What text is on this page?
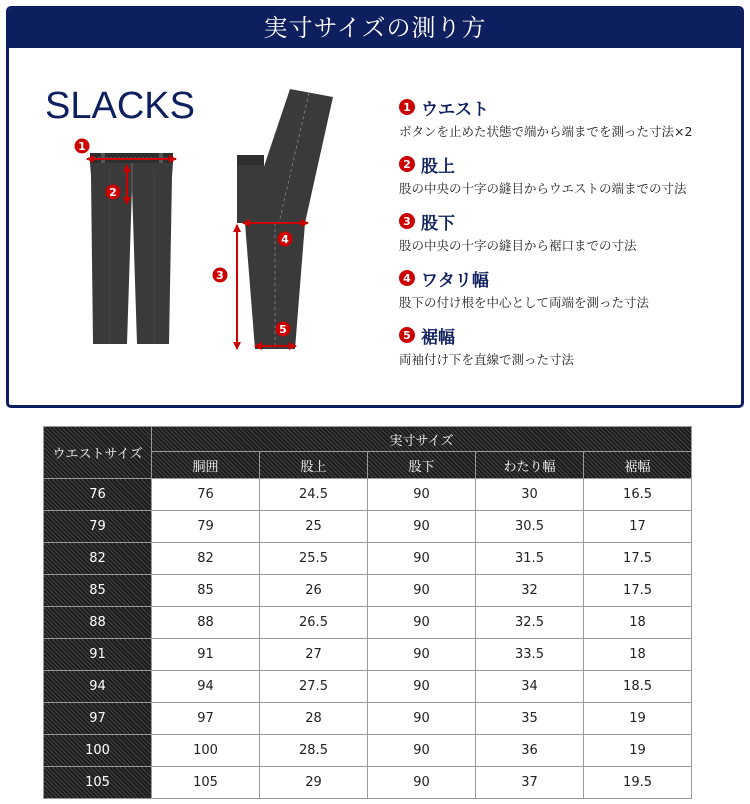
実寸サイズの測り方
SLACKS
1
2
4
3
5
1 ウエスト
ボタンを止めた状態で端から端までを測った寸法×2
2 股上
股の中央の十字の縫目からウエストの端までの寸法
3 股下
股の中央の十字の縫目から裾口までの寸法
4 ワタリ幅
股下の付け根を中心として両端を測った寸法
5 裾幅
両袖付け下を直線で測った寸法
ウエストサイズ	実寸サイズ				
	胴囲	股上	股下	わたり幅	裾幅
76	76	24.5	90	30	16.5
79	79	25	90	30.5	17
82	82	25.5	90	31.5	17.5
85	85	26	90	32	17.5
88	88	26.5	90	32.5	18
91	91	27	90	33.5	18
94	94	27.5	90	34	18.5
97	97	28	90	35	19
100	100	28.5	90	36	19
105	105	29	90	37	19.5
